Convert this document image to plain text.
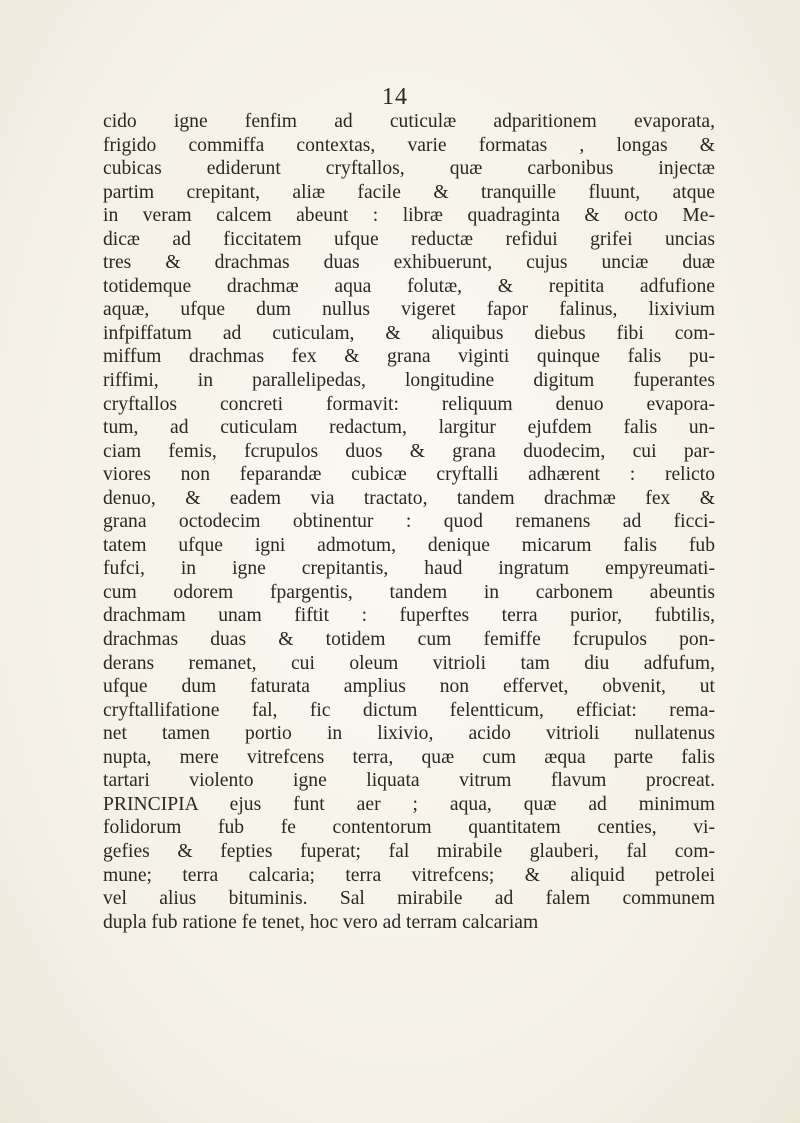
14
cido igne fenfim ad cuticulæ adparitionem evaporata,
frigido commiffa contextas, varie formatas , longas &
cubicas ediderunt cryftallos, quæ carbonibus injectæ
partim crepitant, aliæ facile & tranquille fluunt, atque
in veram calcem abeunt : libræ quadraginta & octo Me-
dicæ ad ficcitatem ufque reductæ refidui grifei uncias
tres & drachmas duas exhibuerunt, cujus unciæ duæ
totidemque drachmæ aqua folutæ, & repitita adfufione
aquæ, ufque dum nullus vigeret fapor falinus, lixivium
infpiffatum ad cuticulam, & aliquibus diebus fibi com-
miffum drachmas fex & grana viginti quinque falis pu-
riffimi, in parallelipedas, longitudine digitum fuperantes
cryftallos concreti formavit: reliquum denuo evapora-
tum, ad cuticulam redactum, largitur ejufdem falis un-
ciam femis, fcrupulos duos & grana duodecim, cui par-
viores non feparandæ cubicæ cryftalli adhærent : relicto
denuo, & eadem via tractato, tandem drachmæ fex &
grana octodecim obtinentur : quod remanens ad ficci-
tatem ufque igni admotum, denique micarum falis fub
fufci, in igne crepitantis, haud ingratum empyreumati-
cum odorem fpargentis, tandem in carbonem abeuntis
drachmam unam fiftit : fuperftes terra purior, fubtilis,
drachmas duas & totidem cum femiffe fcrupulos pon-
derans remanet, cui oleum vitrioli tam diu adfufum,
ufque dum faturata amplius non effervet, obvenit, ut
cryftallifatione fal, fic dictum felentticum, efficiat: rema-
net tamen portio in lixivio, acido vitrioli nullatenus
nupta, mere vitrefcens terra, quæ cum æqua parte falis
tartari violento igne liquata vitrum flavum procreat.
PRINCIPIA ejus funt aer ; aqua, quæ ad minimum
folidorum fub fe contentorum quantitatem centies, vi-
gefies & fepties fuperat; fal mirabile glauberi, fal com-
mune; terra calcaria; terra vitrefcens; & aliquid petrolei
vel alius bituminis. Sal mirabile ad falem communem
dupla fub ratione fe tenet, hoc vero ad terram calcariam
